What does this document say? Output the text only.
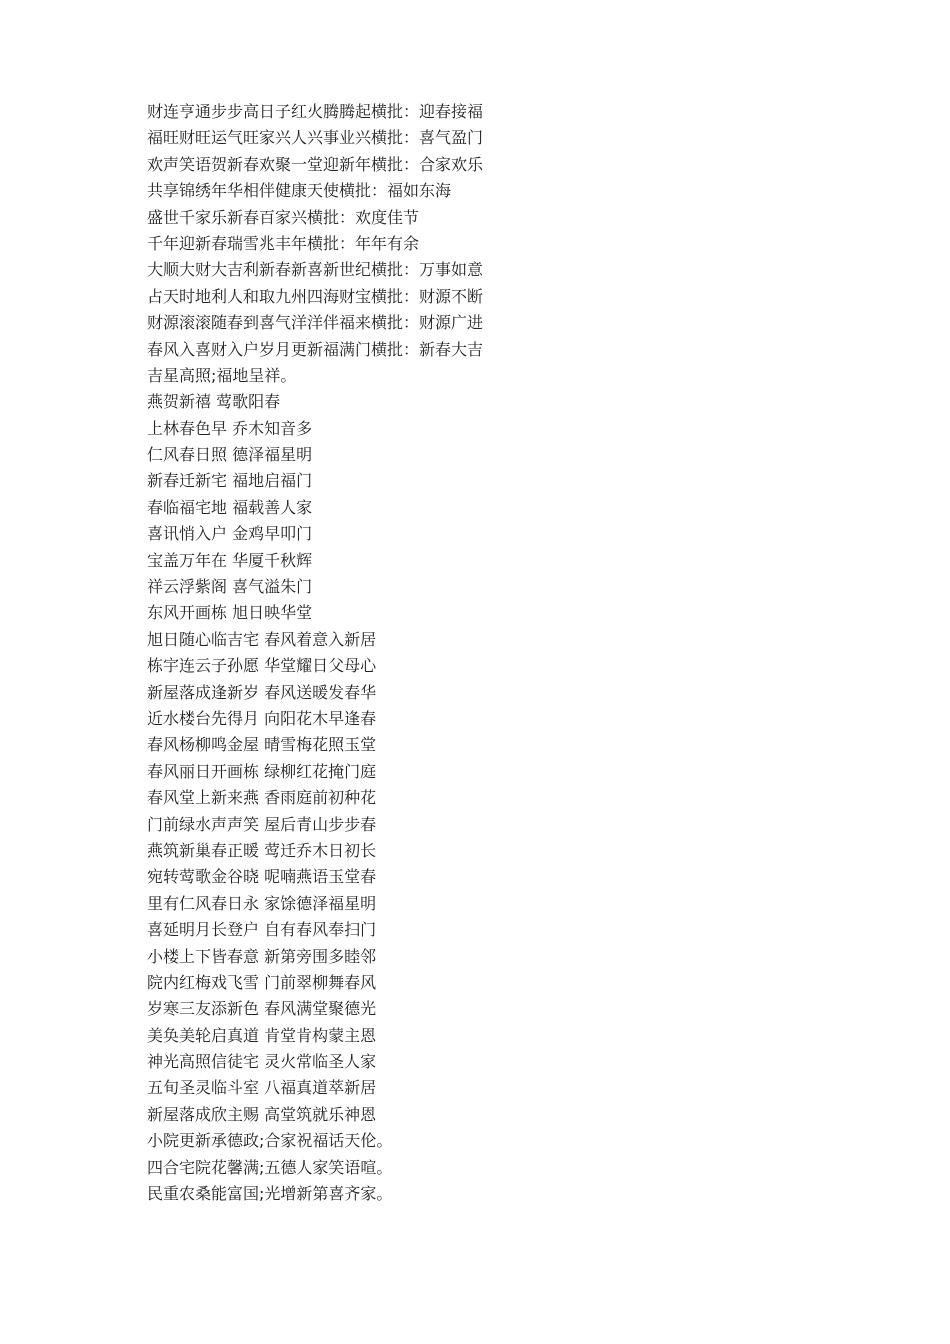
财连亨通步步高日子红火腾腾起横批：迎春接福
福旺财旺运气旺家兴人兴事业兴横批：喜气盈门
欢声笑语贺新春欢聚一堂迎新年横批：合家欢乐
共享锦绣年华相伴健康天使横批：福如东海
盛世千家乐新春百家兴横批：欢度佳节
千年迎新春瑞雪兆丰年横批：年年有余
大顺大财大吉利新春新喜新世纪横批：万事如意
占天时地利人和取九州四海财宝横批：财源不断
财源滚滚随春到喜气洋洋伴福来横批：财源广进
春风入喜财入户岁月更新福满门横批：新春大吉
吉星高照;福地呈祥。
燕贺新禧 莺歌阳春
上林春色早 乔木知音多
仁风春日照 德泽福星明
新春迁新宅 福地启福门
春临福宅地 福载善人家
喜讯悄入户 金鸡早叩门
宝盖万年在 华厦千秋辉
祥云浮紫阁 喜气溢朱门
东风开画栋 旭日映华堂
旭日随心临吉宅 春风着意入新居
栋宇连云子孙愿 华堂耀日父母心
新屋落成逢新岁 春风送暖发春华
近水楼台先得月 向阳花木早逢春
春风杨柳鸣金屋 晴雪梅花照玉堂
春风丽日开画栋 绿柳红花掩门庭
春风堂上新来燕 香雨庭前初种花
门前绿水声声笑 屋后青山步步春
燕筑新巢春正暖 莺迁乔木日初长
宛转莺歌金谷晓 呢喃燕语玉堂春
里有仁风春日永 家馀德泽福星明
喜延明月长登户 自有春风奉扫门
小楼上下皆春意 新第旁围多睦邻
院内红梅戏飞雪 门前翠柳舞春风
岁寒三友添新色 春风满堂聚德光
美奂美轮启真道 肯堂肯构蒙主恩
神光高照信徒宅 灵火常临圣人家
五旬圣灵临斗室 八福真道萃新居
新屋落成欣主赐 高堂筑就乐神恩
小院更新承德政;合家祝福话天伦。
四合宅院花馨满;五德人家笑语喧。
民重农桑能富国;光增新第喜齐家。
